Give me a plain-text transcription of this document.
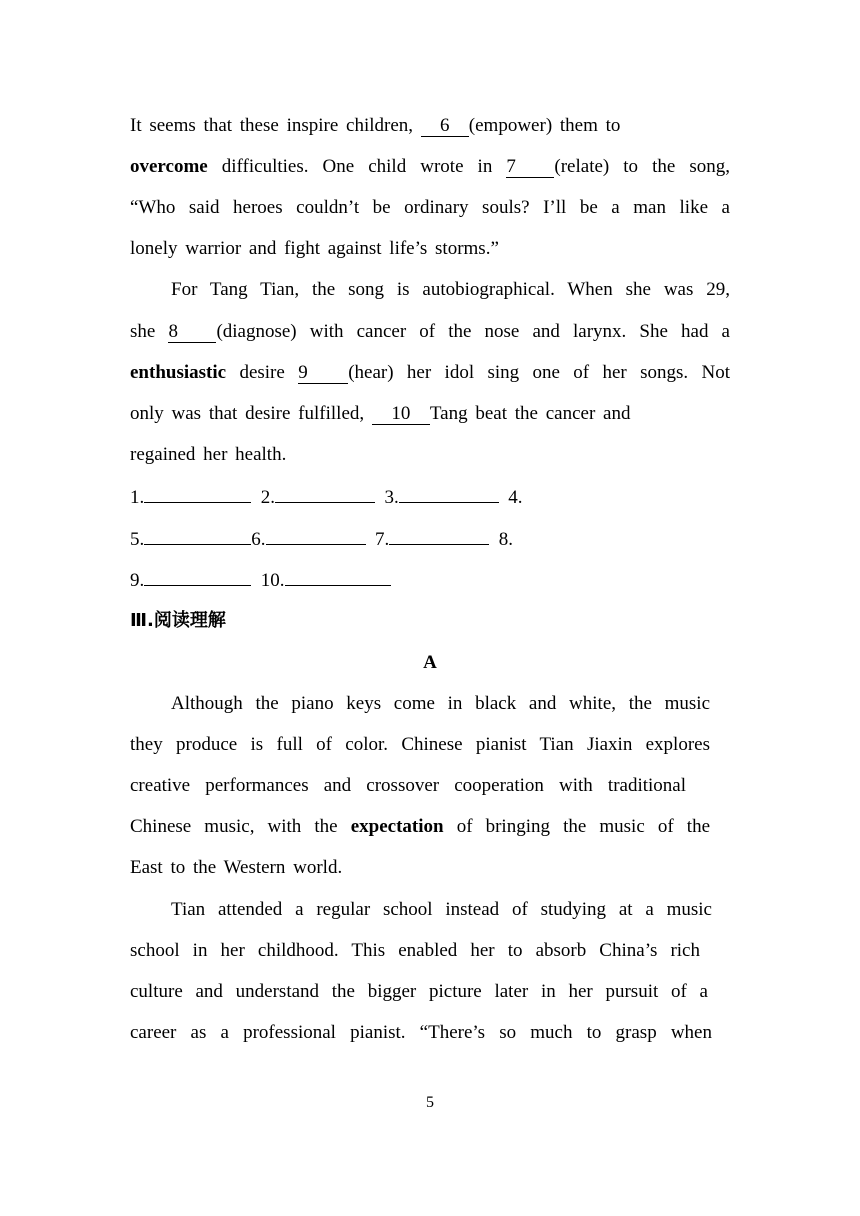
It seems that these inspire children, 6 (empower) them to
overcome difficulties. One child wrote in 7 (relate) to the song,
“Who said heroes couldn’t be ordinary souls? I’ll be a man like a
lonely warrior and fight against life’s storms.”
For Tang Tian, the song is autobiographical. When she was 29,
she 8 (diagnose) with cancer of the nose and larynx. She had a
enthusiastic desire 9 (hear) her idol sing one of her songs. Not
only was that desire fulfilled, 10 Tang beat the cancer and
regained her health.
1.	2.	3.	4.
5.	6.	7.	8.
9.	10.
Ⅲ.阅读理解
A
Although the piano keys come in black and white, the music
they produce is full of color. Chinese pianist Tian Jiaxin explores
creative performances and crossover cooperation with traditional
Chinese music, with the expectation of bringing the music of the
East to the Western world.
Tian attended a regular school instead of studying at a music
school in her childhood. This enabled her to absorb China’s rich
culture and understand the bigger picture later in her pursuit of a
career as a professional pianist. “There’s so much to grasp when
5
